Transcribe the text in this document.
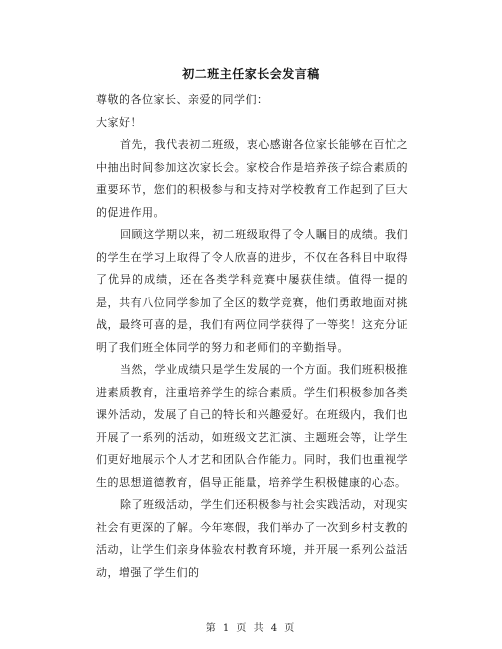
初二班主任家长会发言稿

尊敬的各位家长、亲爱的同学们：

大家好！

首先，我代表初二班级，衷心感谢各位家长能够在百忙之中抽出时间参加这次家长会。家校合作是培养孩子综合素质的重要环节，您们的积极参与和支持对学校教育工作起到了巨大的促进作用。

回顾这学期以来，初二班级取得了令人瞩目的成绩。我们的学生在学习上取得了令人欣喜的进步，不仅在各科目中取得了优异的成绩，还在各类学科竞赛中屡获佳绩。值得一提的是，共有八位同学参加了全区的数学竞赛，他们勇敢地面对挑战，最终可喜的是，我们有两位同学获得了一等奖！这充分证明了我们班全体同学的努力和老师们的辛勤指导。

当然，学业成绩只是学生发展的一个方面。我们班积极推进素质教育，注重培养学生的综合素质。学生们积极参加各类课外活动，发展了自己的特长和兴趣爱好。在班级内，我们也开展了一系列的活动，如班级文艺汇演、主题班会等，让学生们更好地展示个人才艺和团队合作能力。同时，我们也重视学生的思想道德教育，倡导正能量，培养学生积极健康的心态。

除了班级活动，学生们还积极参与社会实践活动，对现实社会有更深的了解。今年寒假，我们举办了一次到乡村支教的活动，让学生们亲身体验农村教育环境，并开展一系列公益活动，增强了学生们的

第 1 页 共 4 页
